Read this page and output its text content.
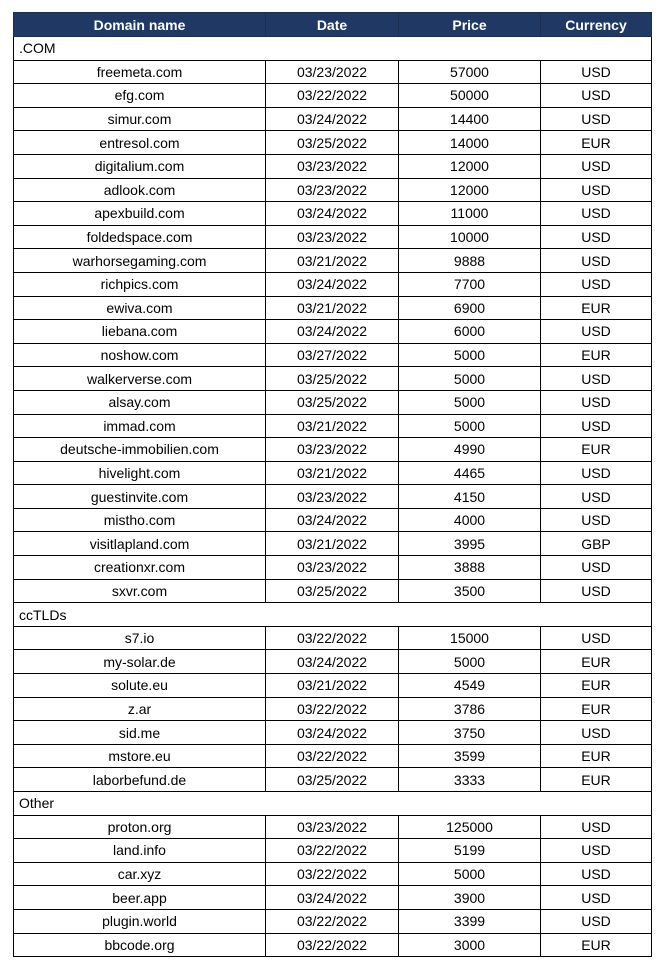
Domain name	Date	Price	Currency
.COM			
freemeta.com	03/23/2022	57000	USD
efg.com	03/22/2022	50000	USD
simur.com	03/24/2022	14400	USD
entresol.com	03/25/2022	14000	EUR
digitalium.com	03/23/2022	12000	USD
adlook.com	03/23/2022	12000	USD
apexbuild.com	03/24/2022	11000	USD
foldedspace.com	03/23/2022	10000	USD
warhorsegaming.com	03/21/2022	9888	USD
richpics.com	03/24/2022	7700	USD
ewiva.com	03/21/2022	6900	EUR
liebana.com	03/24/2022	6000	USD
noshow.com	03/27/2022	5000	EUR
walkerverse.com	03/25/2022	5000	USD
alsay.com	03/25/2022	5000	USD
immad.com	03/21/2022	5000	USD
deutsche-immobilien.com	03/23/2022	4990	EUR
hivelight.com	03/21/2022	4465	USD
guestinvite.com	03/23/2022	4150	USD
mistho.com	03/24/2022	4000	USD
visitlapland.com	03/21/2022	3995	GBP
creationxr.com	03/23/2022	3888	USD
sxvr.com	03/25/2022	3500	USD
ccTLDs			
s7.io	03/22/2022	15000	USD
my-solar.de	03/24/2022	5000	EUR
solute.eu	03/21/2022	4549	EUR
z.ar	03/22/2022	3786	EUR
sid.me	03/24/2022	3750	USD
mstore.eu	03/22/2022	3599	EUR
laborbefund.de	03/25/2022	3333	EUR
Other			
proton.org	03/23/2022	125000	USD
land.info	03/22/2022	5199	USD
car.xyz	03/22/2022	5000	USD
beer.app	03/24/2022	3900	USD
plugin.world	03/22/2022	3399	USD
bbcode.org	03/22/2022	3000	EUR
